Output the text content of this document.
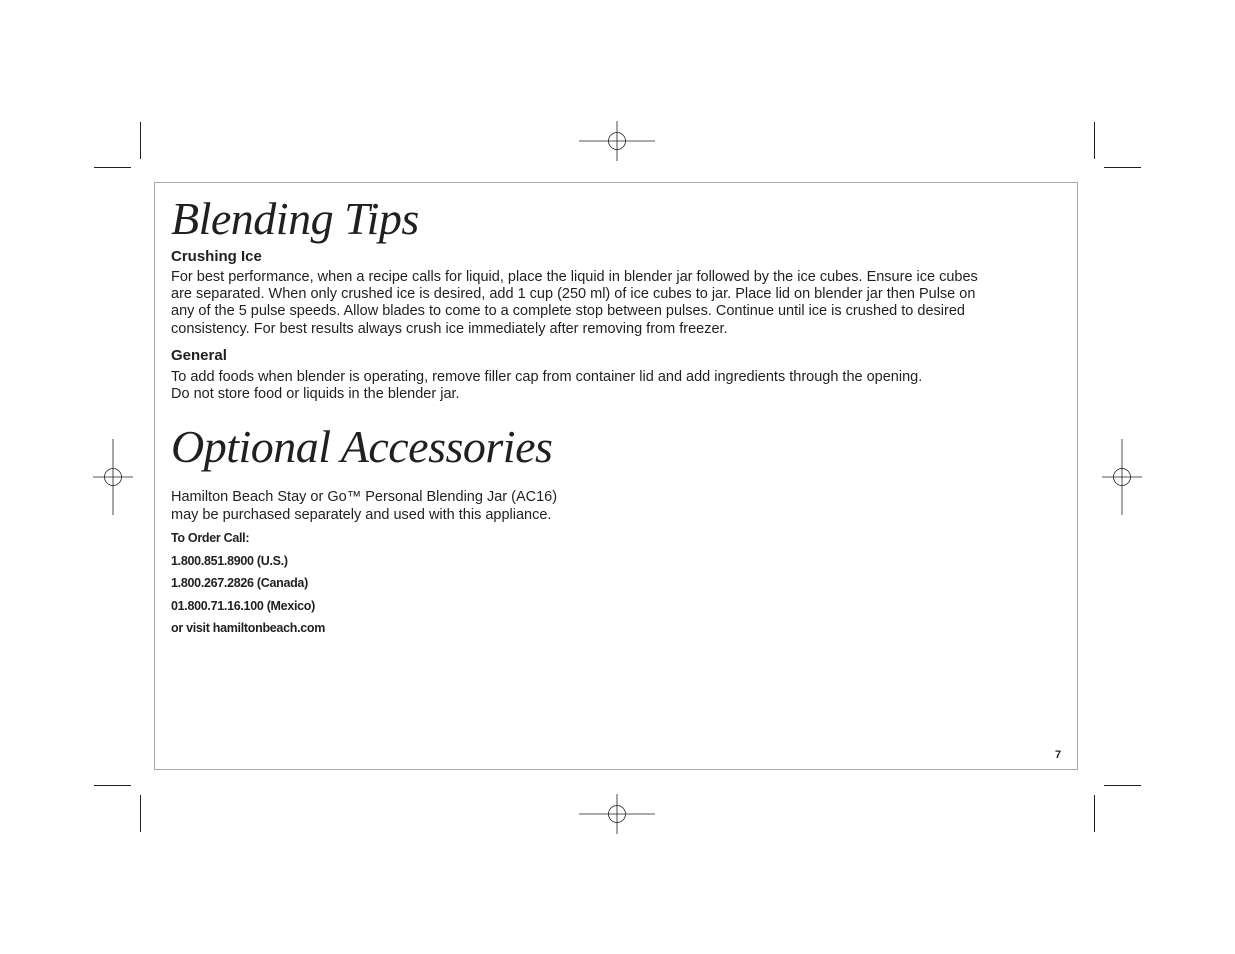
Blending Tips
Crushing Ice

For best performance, when a recipe calls for liquid, place the liquid in blender jar followed by the ice cubes. Ensure ice cubes
are separated. When only crushed ice is desired, add 1 cup (250 ml) of ice cubes to jar. Place lid on blender jar then Pulse on
any of the 5 pulse speeds. Allow blades to come to a complete stop between pulses. Continue until ice is crushed to desired
consistency. For best results always crush ice immediately after removing from freezer.

General

To add foods when blender is operating, remove filler cap from container lid and add ingredients through the opening.
Do not store food or liquids in the blender jar.

Optional Accessories

Hamilton Beach Stay or Go™ Personal Blending Jar (AC16)
may be purchased separately and used with this appliance.

To Order Call:
1.800.851.8900 (U.S.)
1.800.267.2826 (Canada)
01.800.71.16.100 (Mexico)
or visit hamiltonbeach.com
7
